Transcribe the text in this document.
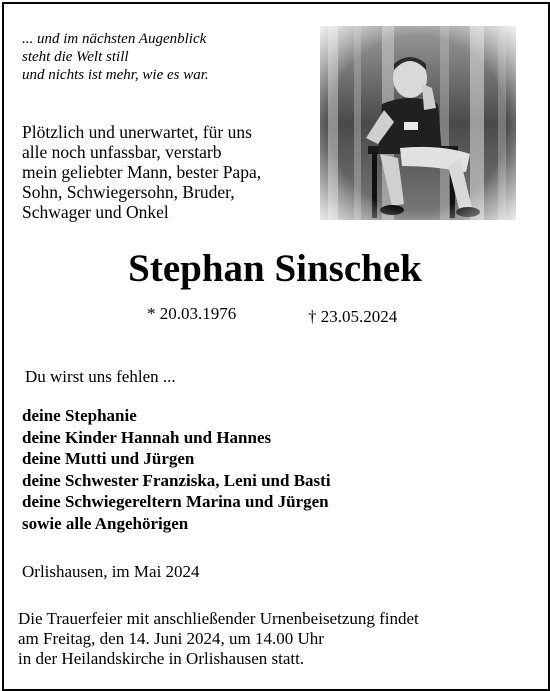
... und im nächsten Augenblick
steht die Welt still
und nichts ist mehr, wie es war.
Plötzlich und unerwartet, für uns
alle noch unfassbar, verstarb
mein geliebter Mann, bester Papa,
Sohn, Schwiegersohn, Bruder,
Schwager und Onkel
Stephan Sinschek
* 20.03.1976	† 23.05.2024
Du wirst uns fehlen ...
deine Stephanie
deine Kinder Hannah und Hannes
deine Mutti und Jürgen
deine Schwester Franziska, Leni und Basti
deine Schwiegereltern Marina und Jürgen
sowie alle Angehörigen
Orlishausen, im Mai 2024
Die Trauerfeier mit anschließender Urnenbeisetzung findet
am Freitag, den 14. Juni 2024, um 14.00 Uhr
in der Heilandskirche in Orlishausen statt.
